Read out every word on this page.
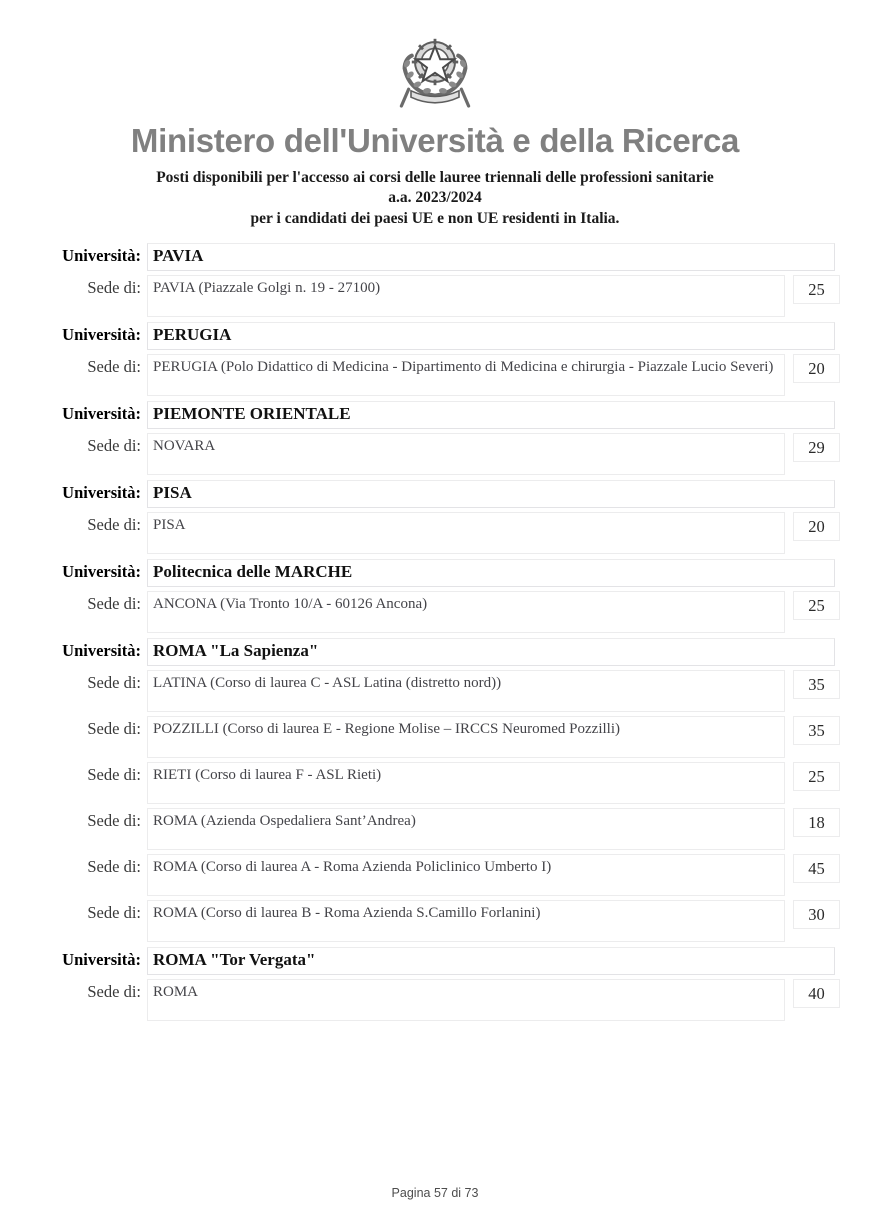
Ministero dell'Università e della Ricerca
Posti disponibili per l'accesso ai corsi delle lauree triennali delle professioni sanitarie
a.a. 2023/2024
per i candidati dei paesi UE e non UE residenti in Italia.
Università: PAVIA
Sede di: PAVIA (Piazzale Golgi n. 19 - 27100)	25
Università: PERUGIA
Sede di: PERUGIA (Polo Didattico di Medicina - Dipartimento di Medicina e chirurgia - Piazzale Lucio Severi)	20
Università: PIEMONTE ORIENTALE
Sede di: NOVARA	29
Università: PISA
Sede di: PISA	20
Università: Politecnica delle MARCHE
Sede di: ANCONA (Via Tronto 10/A - 60126 Ancona)	25
Università: ROMA "La Sapienza"
Sede di: LATINA (Corso di laurea C - ASL Latina (distretto nord))	35
Sede di: POZZILLI (Corso di laurea E - Regione Molise – IRCCS Neuromed Pozzilli)	35
Sede di: RIETI (Corso di laurea F - ASL Rieti)	25
Sede di: ROMA (Azienda Ospedaliera Sant’Andrea)	18
Sede di: ROMA (Corso di laurea A - Roma Azienda Policlinico Umberto I)	45
Sede di: ROMA (Corso di laurea B - Roma Azienda S.Camillo Forlanini)	30
Università: ROMA "Tor Vergata"
Sede di: ROMA	40
Pagina 57 di 73
